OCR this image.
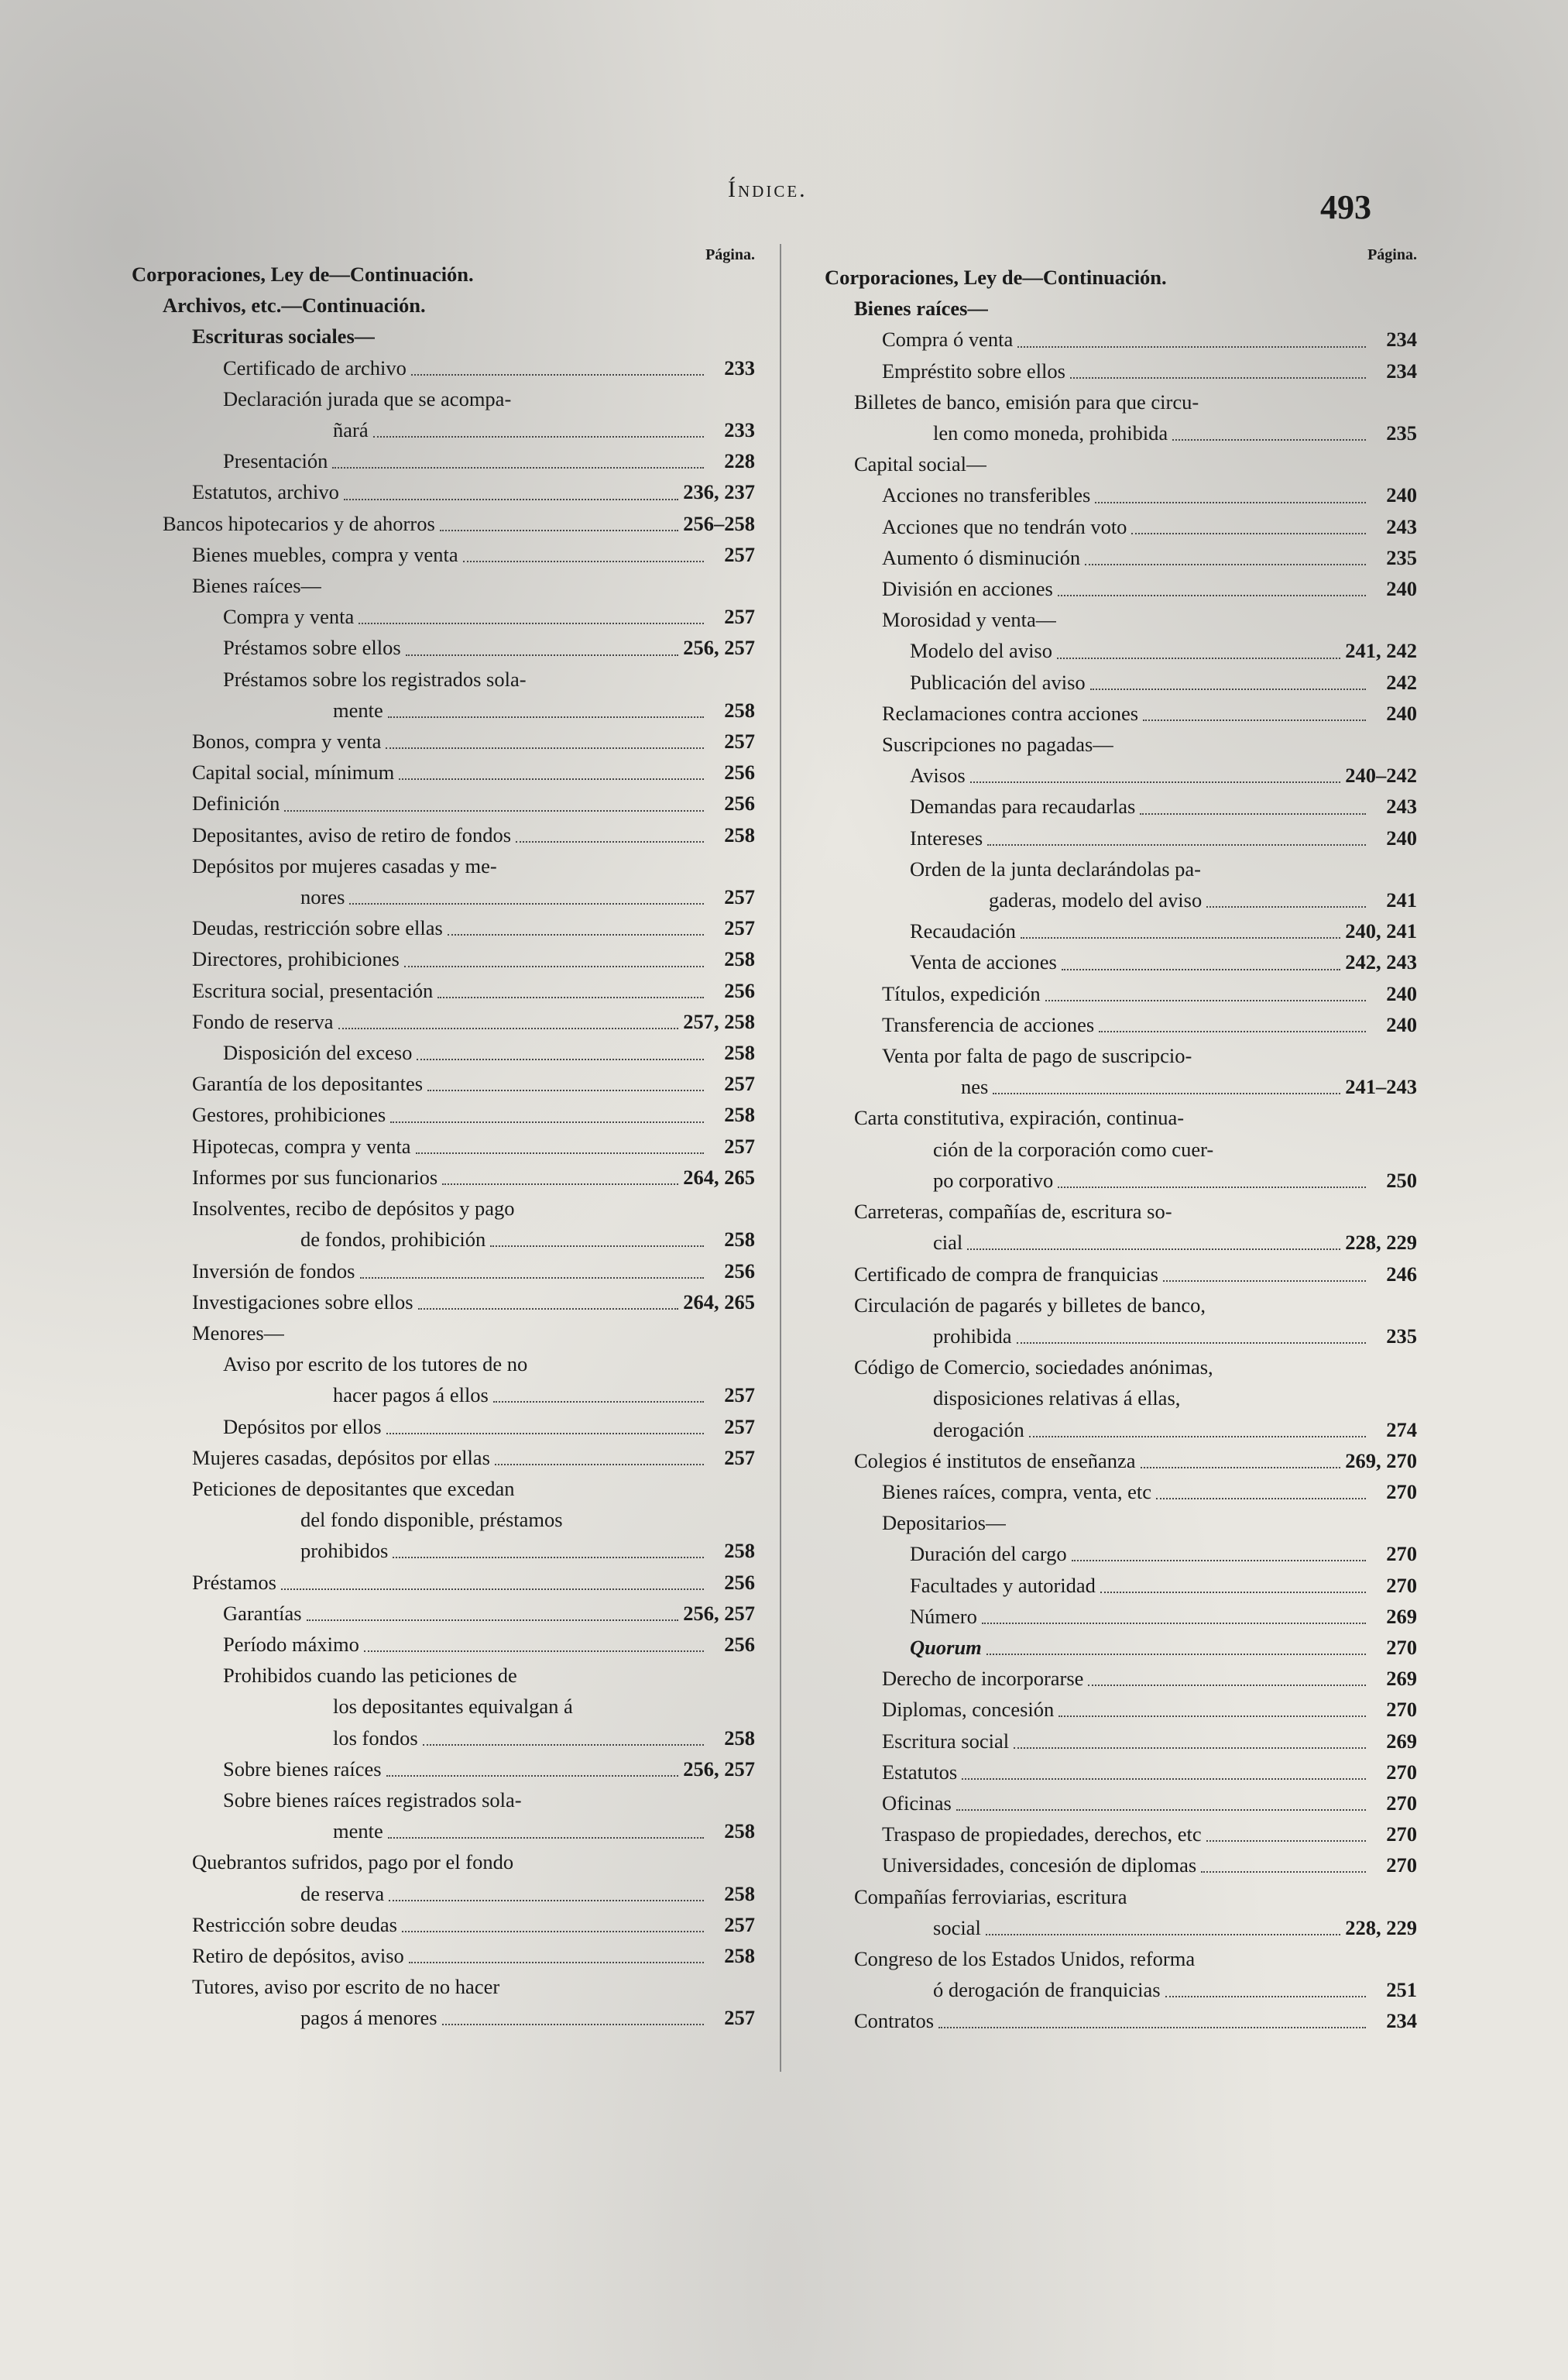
Índice.	493
Página.
Corporaciones, Ley de—Continuación.
Archivos, etc.—Continuación.
Escrituras sociales—
Certificado de archivo	233
Declaración jurada que se acompa-
ñará	233
Presentación	228
Estatutos, archivo	236, 237
Bancos hipotecarios y de ahorros	256–258
Bienes muebles, compra y venta	257
Bienes raíces—
Compra y venta	257
Préstamos sobre ellos	256, 257
Préstamos sobre los registrados sola-
mente	258
Bonos, compra y venta	257
Capital social, mínimum	256
Definición	256
Depositantes, aviso de retiro de fondos	258
Depósitos por mujeres casadas y me-
nores	257
Deudas, restricción sobre ellas	257
Directores, prohibiciones	258
Escritura social, presentación	256
Fondo de reserva	257, 258
Disposición del exceso	258
Garantía de los depositantes	257
Gestores, prohibiciones	258
Hipotecas, compra y venta	257
Informes por sus funcionarios	264, 265
Insolventes, recibo de depósitos y pago
de fondos, prohibición	258
Inversión de fondos	256
Investigaciones sobre ellos	264, 265
Menores—
Aviso por escrito de los tutores de no
hacer pagos á ellos	257
Depósitos por ellos	257
Mujeres casadas, depósitos por ellas	257
Peticiones de depositantes que excedan
del fondo disponible, préstamos
prohibidos	258
Préstamos	256
Garantías	256, 257
Período máximo	256
Prohibidos cuando las peticiones de
los depositantes equivalgan á
los fondos	258
Sobre bienes raíces	256, 257
Sobre bienes raíces registrados sola-
mente	258
Quebrantos sufridos, pago por el fondo
de reserva	258
Restricción sobre deudas	257
Retiro de depósitos, aviso	258
Tutores, aviso por escrito de no hacer
pagos á menores	257
Página.
Corporaciones, Ley de—Continuación.
Bienes raíces—
Compra ó venta	234
Empréstito sobre ellos	234
Billetes de banco, emisión para que circu-
len como moneda, prohibida	235
Capital social—
Acciones no transferibles	240
Acciones que no tendrán voto	243
Aumento ó disminución	235
División en acciones	240
Morosidad y venta—
Modelo del aviso	241, 242
Publicación del aviso	242
Reclamaciones contra acciones	240
Suscripciones no pagadas—
Avisos	240–242
Demandas para recaudarlas	243
Intereses	240
Orden de la junta declarándolas pa-
gaderas, modelo del aviso	241
Recaudación	240, 241
Venta de acciones	242, 243
Títulos, expedición	240
Transferencia de acciones	240
Venta por falta de pago de suscripcio-
nes	241–243
Carta constitutiva, expiración, continua-
ción de la corporación como cuer-
po corporativo	250
Carreteras, compañías de, escritura so-
cial	228, 229
Certificado de compra de franquicias	246
Circulación de pagarés y billetes de banco,
prohibida	235
Código de Comercio, sociedades anónimas,
disposiciones relativas á ellas,
derogación	274
Colegios é institutos de enseñanza	269, 270
Bienes raíces, compra, venta, etc	270
Depositarios—
Duración del cargo	270
Facultades y autoridad	270
Número	269
Quorum	270
Derecho de incorporarse	269
Diplomas, concesión	270
Escritura social	269
Estatutos	270
Oficinas	270
Traspaso de propiedades, derechos, etc	270
Universidades, concesión de diplomas	270
Compañías ferroviarias, escritura
social	228, 229
Congreso de los Estados Unidos, reforma
ó derogación de franquicias	251
Contratos	234
